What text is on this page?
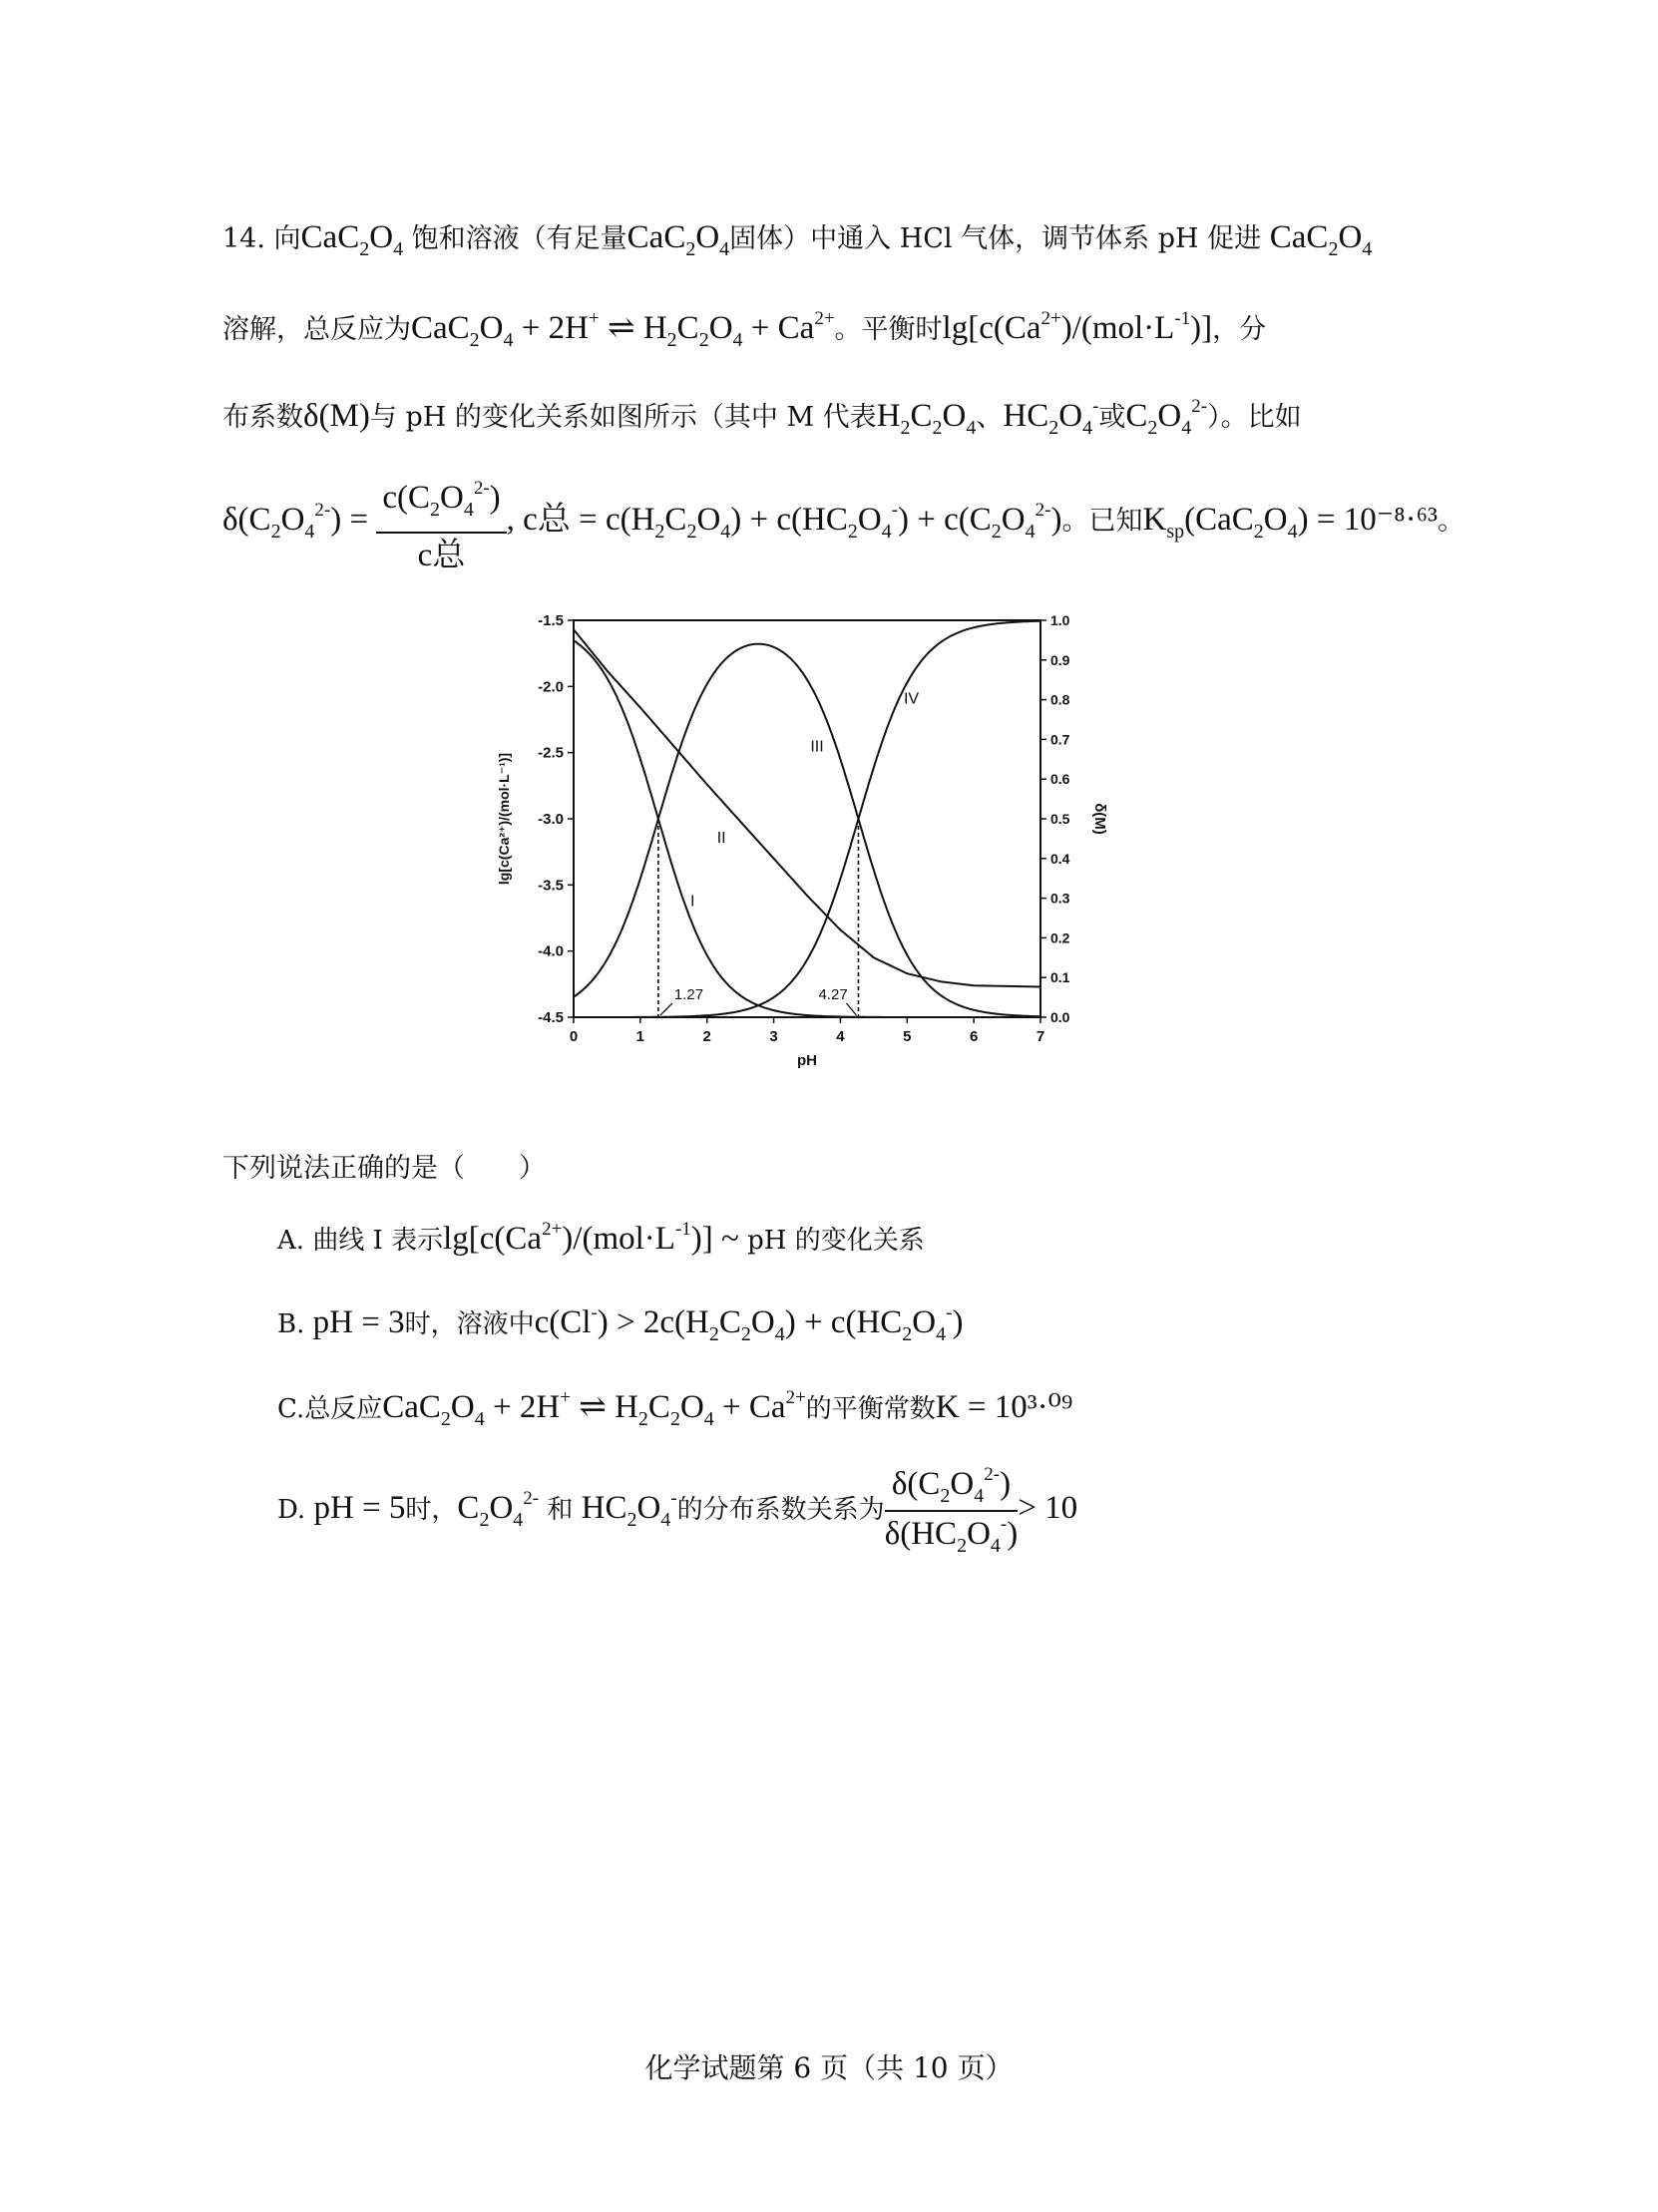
14. 向$CaC_2O_4$ 饱和溶液（有足量$CaC_2O_4$固体）中通入 HCl 气体，调节体系 pH 促进 $CaC_2O_4$
溶解，总反应为$CaC_2O_4 + 2H^+$ ⇌ $H_2C_2O_4 + Ca^{2+}$。平衡时$\lg[c(Ca^{2+})/(mol\cdot L^{-1})]$，分
布系数δ(M)与 pH 的变化关系如图所示（其中 M 代表$H_2C_2O_4$、$HC_2O_4^-$或$C_2O_4^{2-}$）。比如
$\delta(C_2O_4^{2-}) = \frac{c(C_2O_4^{2-})}{\text{c总}}$ , c总 = $c(H_2C_2O_4) + c(HC_2O_4^-) + c(C_2O_4^{2-})$。已知$K_{sp}(CaC_2O_4) = 10^{-8}\cdot^{63}$。
0	1	2	3	4	5	6	7
pH
-1.5
-2.0
-2.5
-3.0
-3.5
-4.0
-4.5
lg[c(Ca²⁺)/(mol·L⁻¹)]
1.0
0.9
0.8
0.7
0.6
0.5
0.4
0.3
0.2
0.1
0.0
δ(M)
1.27	4.27
I
II
III
IV
下列说法正确的是（　　）
A. 曲线 I 表示$\lg[c(Ca^{2+})/(mol\cdot L^{-1})]$ ~ pH 的变化关系
B. pH = 3时，溶液中$c(Cl^-) > 2c(H_2C_2O_4) + c(HC_2O_4^-)$
C.总反应$CaC_2O_4 + 2H^+$ ⇌ $H_2C_2O_4 + Ca^{2+}$的平衡常数K = 10³·⁰⁹
D. pH = 5时，$C_2O_4^{2-}$ 和 $HC_2O_4^-$的分布系数关系为 $\frac{\delta(C_2O_4^{2-})}{\delta(HC_2O_4^-)} > 10$
化学试题第 6 页（共 10 页）
